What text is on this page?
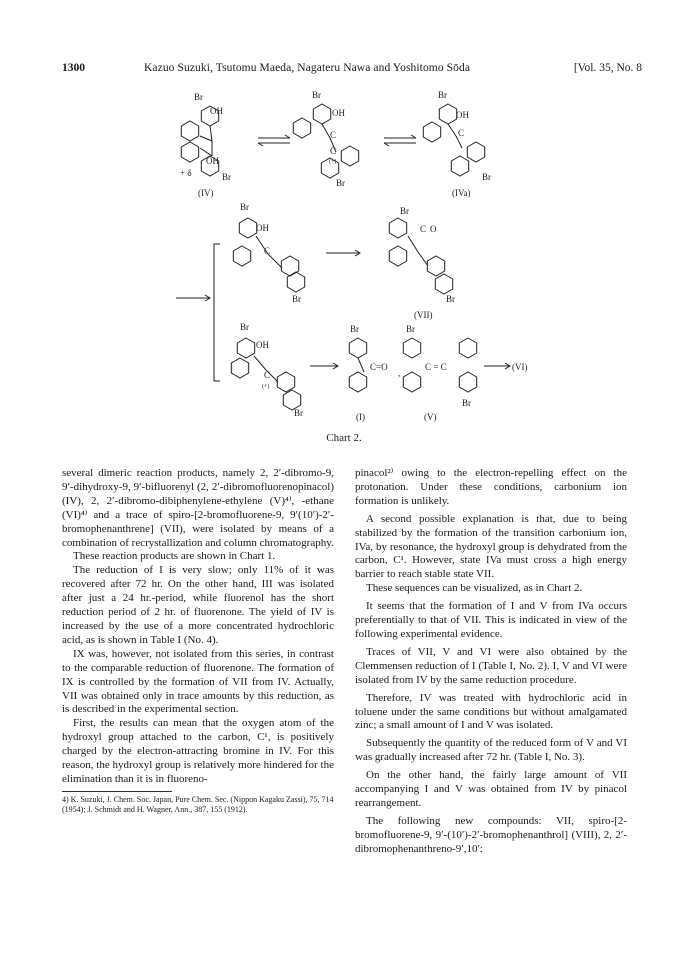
1300	Kazuo Suzuki, Tsutomu Maeda, Nagateru Nawa and Yoshitomo Sōda	[Vol. 35, No. 8
Br
OH
OH
+ δ	Br
(IV)
Br
OH
C
C
(+)
Br
Br
OH
C
Br
(IVa)
Br
OH
C
Br
Br
C O
Br
(VII)
Br
OH
C
(+)
Br
Br
C=O
(I)
Br
,
C = C
Br
(V)
(VI)
Chart 2.

several dimeric reaction products, namely 2, 2′-dibromo-9, 9′-dihydroxy-9, 9′-bifluorenyl (2, 2′-dibromofluorenopinacol) (IV), 2, 2′-dibromo-dibiphenylene-ethylene (V)⁴⁾, -ethane (VI)⁴⁾ and a trace of spiro-[2-bromofluorene-9, 9′(10′)-2′-bromophenanthrene] (VII), were isolated by means of a combination of recrystallization and column chromatography.

These reaction products are shown in Chart 1.

The reduction of I is very slow; only 11% of it was recovered after 72 hr. On the other hand, III was isolated after just a 24 hr.-period, while fluorenol has the short reduction period of 2 hr. of fluorenone. The yield of IV is increased by the use of a more concentrated hydrochloric acid, as is shown in Table I (No. 4).

IX was, however, not isolated from this series, in contrast to the comparable reduction of fluorenone. The formation of IX is controlled by the formation of VII from IV. Actually, VII was obtained only in trace amounts by this reduction, as is described in the experimental section.

First, the results can mean that the oxygen atom of the hydroxyl group attached to the carbon, C¹, is positively charged by the electron-attracting bromine in IV. For this reason, the hydroxyl group is relatively more hindered for the elimination than it is in fluoreno-

4) K. Suzuki, J. Chem. Soc. Japan, Pure Chem. Sec. (Nippon Kagaku Zassi), 75, 714 (1954); J. Schmidt and H. Wagner, Ann., 387, 155 (1912).

pinacol²⁾ owing to the electron-repelling effect on the protonation. Under these conditions, carbonium ion formation is unlikely.

A second possible explanation is that, due to being stabilized by the formation of the transition carbonium ion, IVa, by resonance, the hydroxyl group is dehydrated from the carbon, C¹. However, state IVa must cross a high energy barrier to reach stable state VII.

These sequences can be visualized, as in Chart 2.

It seems that the formation of I and V from IVa occurs preferentially to that of VII. This is indicated in view of the following experimental evidence.

Traces of VII, V and VI were also obtained by the Clemmensen reduction of I (Table I, No. 2). I, V and VI were isolated from IV by the same reduction procedure.

Therefore, IV was treated with hydrochloric acid in toluene under the same conditions but without amalgamated zinc; a small amount of I and V was isolated.

Subsequently the quantity of the reduced form of V and VI was gradually increased after 72 hr. (Table I, No. 3).

On the other hand, the fairly large amount of VII accompanying I and V was obtained from IV by pinacol rearrangement.

The following new compounds: VII, spiro-[2-bromofluorene-9, 9′-(10′)-2′-bromophenanthrol] (VIII), 2, 2′-dibromophenanthreno-9′,10′:
